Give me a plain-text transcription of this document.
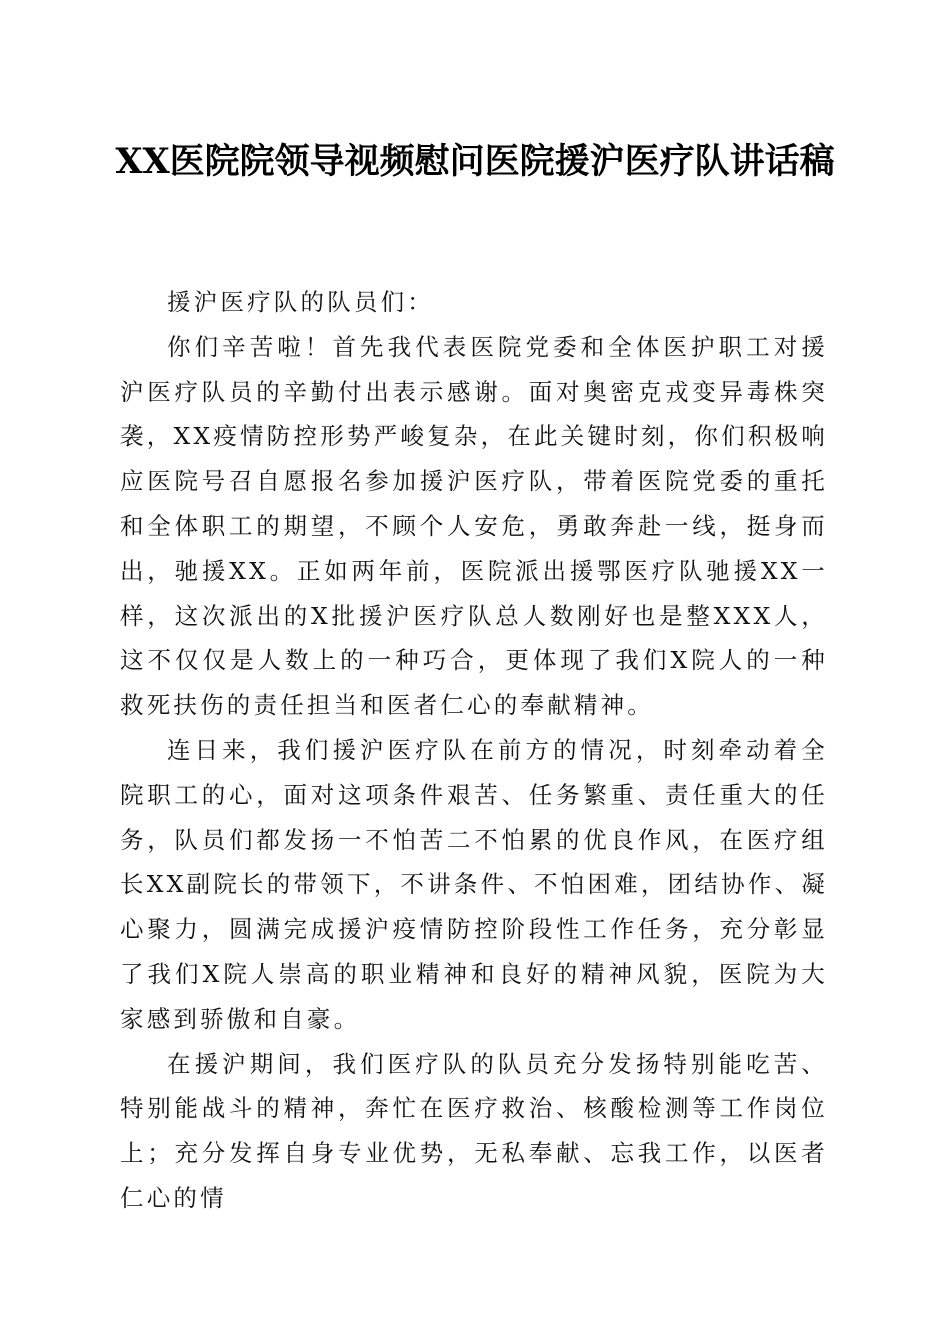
XX医院院领导视频慰问医院援沪医疗队讲话稿

援沪医疗队的队员们：

你们辛苦啦！首先我代表医院党委和全体医护职工对援沪医疗队员的辛勤付出表示感谢。面对奥密克戎变异毒株突袭，XX疫情防控形势严峻复杂，在此关键时刻，你们积极响应医院号召自愿报名参加援沪医疗队，带着医院党委的重托和全体职工的期望，不顾个人安危，勇敢奔赴一线，挺身而出，驰援XX。正如两年前，医院派出援鄂医疗队驰援XX一样，这次派出的X批援沪医疗队总人数刚好也是整XXX人，这不仅仅是人数上的一种巧合，更体现了我们X院人的一种救死扶伤的责任担当和医者仁心的奉献精神。

连日来，我们援沪医疗队在前方的情况，时刻牵动着全院职工的心，面对这项条件艰苦、任务繁重、责任重大的任务，队员们都发扬一不怕苦二不怕累的优良作风，在医疗组长XX副院长的带领下，不讲条件、不怕困难，团结协作、凝心聚力，圆满完成援沪疫情防控阶段性工作任务，充分彰显了我们X院人崇高的职业精神和良好的精神风貌，医院为大家感到骄傲和自豪。

在援沪期间，我们医疗队的队员充分发扬特别能吃苦、特别能战斗的精神，奔忙在医疗救治、核酸检测等工作岗位上；充分发挥自身专业优势，无私奉献、忘我工作，以医者仁心的情
